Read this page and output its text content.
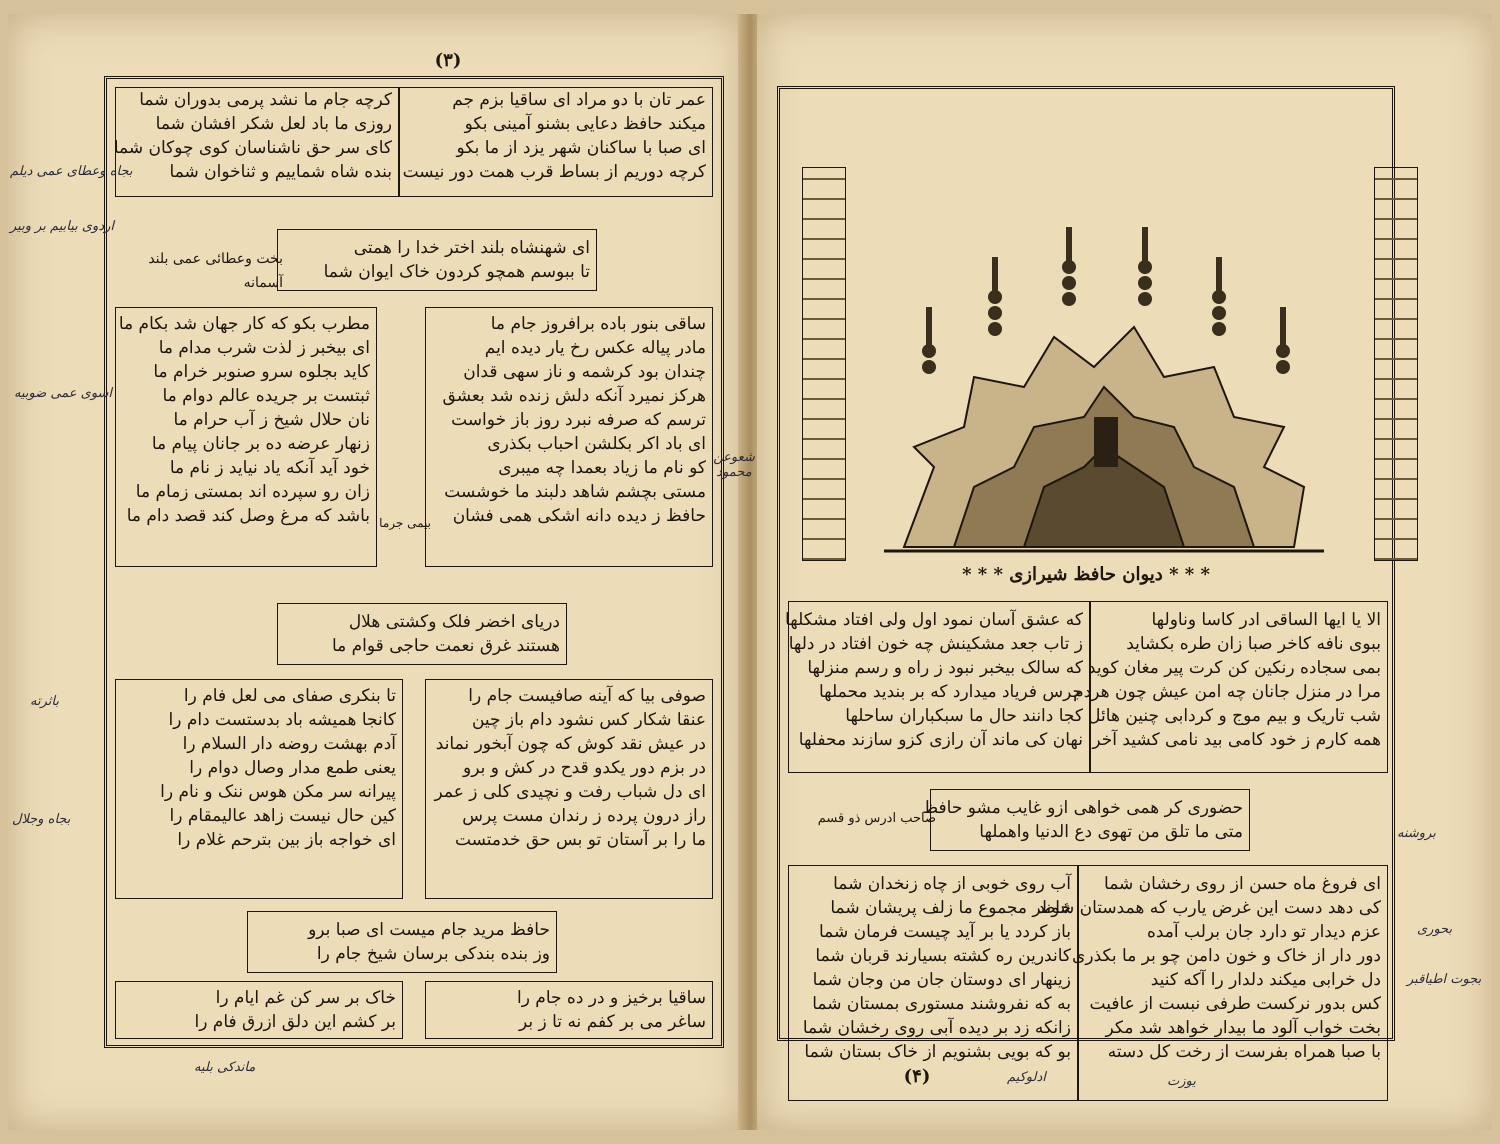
(٣)
عمر تان با دو مراد ای ساقیا بزم جم
میکند حافظ دعایی بشنو آمینی بکو
ای صبا با ساکنان شهر یزد از ما بکو
کرچه دوریم از بساط قرب همت دور نیست
کرچه جام ما نشد پرمی بدوران شما
روزی ما باد لعل شکر افشان شما
کای سر حق ناشناسان کوی چوکان شما
بنده شاه شماییم و ثناخوان شما
ای شهنشاه بلند اختر خدا را همتی
تا ببوسم همچو کردون خاک ایوان شما
بخت وعطائی عمی بلند آسمانه
ساقی بنور باده برافروز جام ما
مادر پیاله عکس رخ یار دیده ایم
چندان بود کرشمه و ناز سهی قدان
هرکز نمیرد آنکه دلش زنده شد بعشق
ترسم که صرفه نبرد روز باز خواست
ای باد اکر بکلشن احباب بکذری
کو نام ما زیاد بعمدا چه میبری
مستی بچشم شاهد دلبند ما خوشست
حافظ ز دیده دانه اشکی همی فشان
مطرب بکو که کار جهان شد بکام ما
ای بیخبر ز لذت شرب مدام ما
کاید بجلوه سرو صنوبر خرام ما
ثبتست بر جریده عالم دوام ما
نان حلال شیخ ز آب حرام ما
زنهار عرضه ده بر جانان پیام ما
خود آید آنکه یاد نیاید ز نام ما
زان رو سپرده اند بمستی زمام ما
باشد که مرغ وصل کند قصد دام ما بیمی جرما
دریای اخضر فلک وکشتی هلال
هستند غرق نعمت حاجی قوام ما
صوفی بیا که آینه صافیست جام را
عنقا شکار کس نشود دام باز چین
در عیش نقد کوش که چون آبخور نماند
در بزم دور یکدو قدح در کش و برو
ای دل شباب رفت و نچیدی کلی ز عمر
راز درون پرده ز رندان مست پرس
ما را بر آستان تو بس حق خدمتست
تا بنکری صفای می لعل فام را
کانجا همیشه باد بدستست دام را
آدم بهشت روضه دار السلام را
یعنی طمع مدار وصال دوام را
پیرانه سر مکن هوس ننک و نام را
کین حال نیست زاهد عالیمقام را
ای خواجه باز بین بترحم غلام را
حافظ مرید جام میست ای صبا برو
وز بنده بندکی برسان شیخ جام را
ساقیا برخیز و در ده جام را
ساغر می بر کفم نه تا ز بر
خاک بر سر کن غم ایام را
بر کشم این دلق ازرق فام را
بجاه وعطای عمی دیلم
اردوی بیابیم بر وبیر
اسوی عمی ضوبیه
باثرته
بجاه وجلال
ماندکی بلیه
* * * دیوان حافظ شیرازی * * *
الا یا ایها الساقی ادر کاسا وناولها
ببوی نافه کاخر صبا زان طره بکشاید
بمی سجاده رنکین کن کرت پیر مغان کوید
مرا در منزل جانان چه امن عیش چون هردم
شب تاریک و بیم موج و کردابی چنین هائل
همه کارم ز خود کامی بید نامی کشید آخر
که عشق آسان نمود اول ولی افتاد مشکلها
ز تاب جعد مشکینش چه خون افتاد در دلها
که سالک بیخبر نبود ز راه و رسم منزلها
جرس فریاد میدارد که بر بندید محملها
کجا دانند حال ما سبکباران ساحلها
نهان کی ماند آن رازی کزو سازند محفلها
حضوری کر همی خواهی ازو غایب مشو حافظ
متی ما تلق من تهوی دع الدنیا واهملها
صاحب ادرس ذو قسم
ای فروغ ماه حسن از روی رخشان شما
کی دهد دست این غرض یارب که همدستان شوند
عزم دیدار تو دارد جان برلب آمده
دور دار از خاک و خون دامن چو بر ما بکذری
دل خرابی میکند دلدار را آکه کنید
کس بدور نرکست طرفی نبست از عافیت
بخت خواب آلود ما بیدار خواهد شد مکر
با صبا همراه بفرست از رخت کل دسته
آب روی خوبی از چاه زنخدان شما
خاطر مجموع ما زلف پریشان شما
باز کردد یا بر آید چیست فرمان شما
کاندرین ره کشته بسیارند قربان شما
زینهار ای دوستان جان من وجان شما
به که نفروشند مستوری بمستان شما
زانکه زد بر دیده آبی روی رخشان شما
بو که بویی بشنویم از خاک بستان شما
(۴)	ادلوکیم	یوزت
بروشنه
بحوری
بجوت اطیاقبر
شعوعن محمود
